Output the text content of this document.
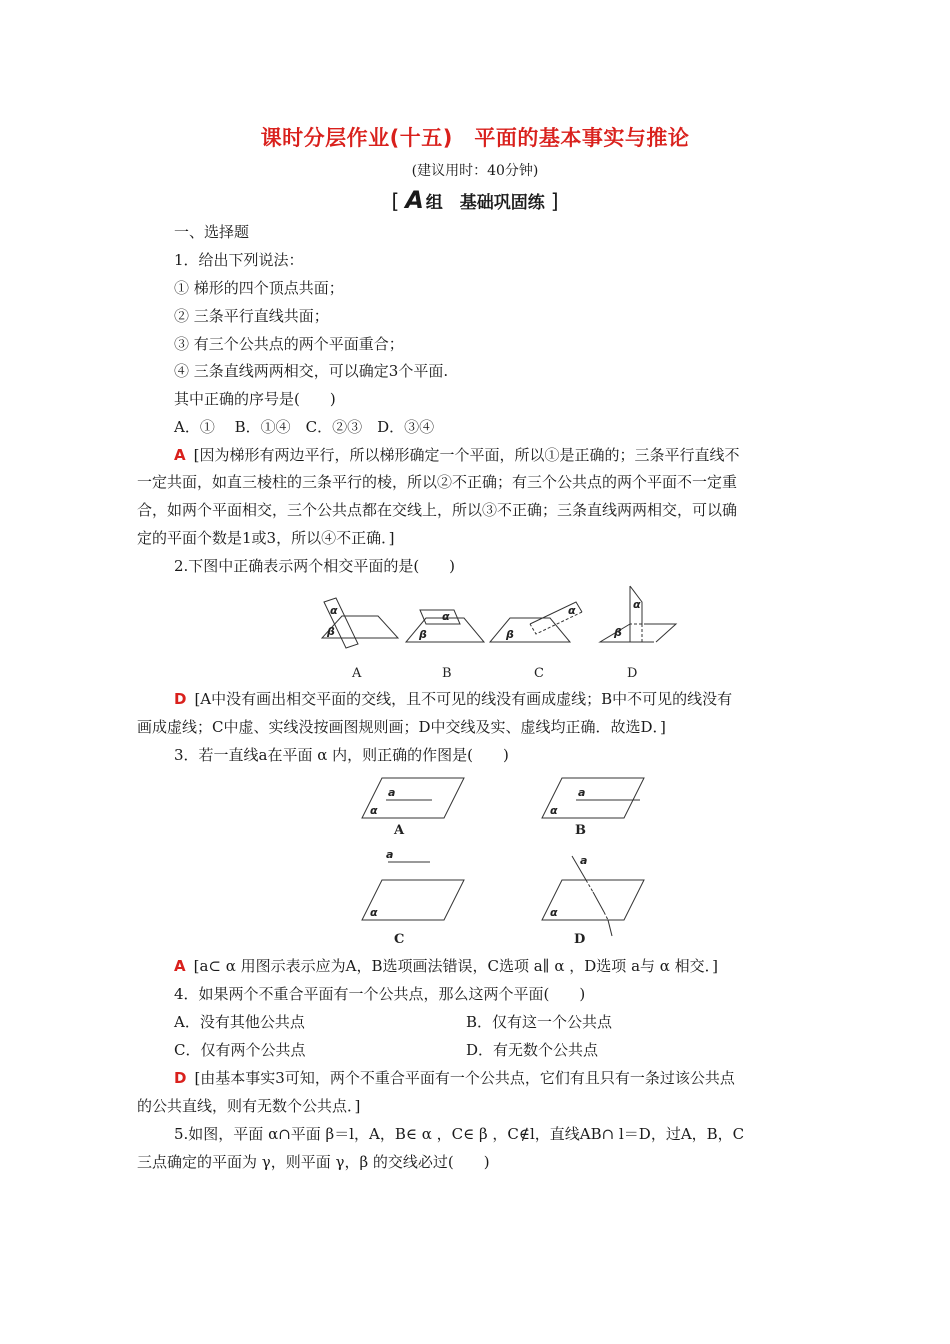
课时分层作业(十五)　平面的基本事实与推论
(建议用时：40分钟)
[ A 组　基础巩固练 ]
一、选择题
1．给出下列说法：
① 梯形的四个顶点共面；
② 三条平行直线共面；
③ 有三个公共点的两个平面重合；
④ 三条直线两两相交，可以确定3个平面.
其中正确的序号是(　　)
A．①　 B．①④　C．②③　D．③④
A [因为梯形有两边平行，所以梯形确定一个平面，所以①是正确的；三条平行直线不
一定共面，如直三棱柱的三条平行的棱，所以②不正确；有三个公共点的两个平面不一定重
合，如两个平面相交，三个公共点都在交线上，所以③不正确；三条直线两两相交，可以确
定的平面个数是1或3，所以④不正确．]
2.下图中正确表示两个相交平面的是(　　)
α
β
α
β
α
β
α
β
A	B	C	D
D [A中没有画出相交平面的交线，且不可见的线没有画成虚线；B中不可见的线没有
画成虚线；C中虚、实线没按画图规则画；D中交线及实、虚线均正确．故选D．]
3．若一直线a在平面 α 内，则正确的作图是(　　)
a
α
A
a
α
B
a
α
C
a
α
D
A [a⊂ α 用图示表示应为A，B选项画法错误，C选项 a∥ α ，D选项 a与 α 相交．]
4．如果两个不重合平面有一个公共点，那么这两个平面(　　)
A．没有其他公共点	B．仅有这一个公共点
C．仅有两个公共点	D．有无数个公共点
D [由基本事实3可知，两个不重合平面有一个公共点，它们有且只有一条过该公共点
的公共直线，则有无数个公共点．]
5.如图，平面 α∩平面 β＝l，A，B∈ α ，C∈ β ，C∉l，直线AB∩ l＝D，过A，B，C
三点确定的平面为 γ，则平面 γ，β 的交线必过(　　)
